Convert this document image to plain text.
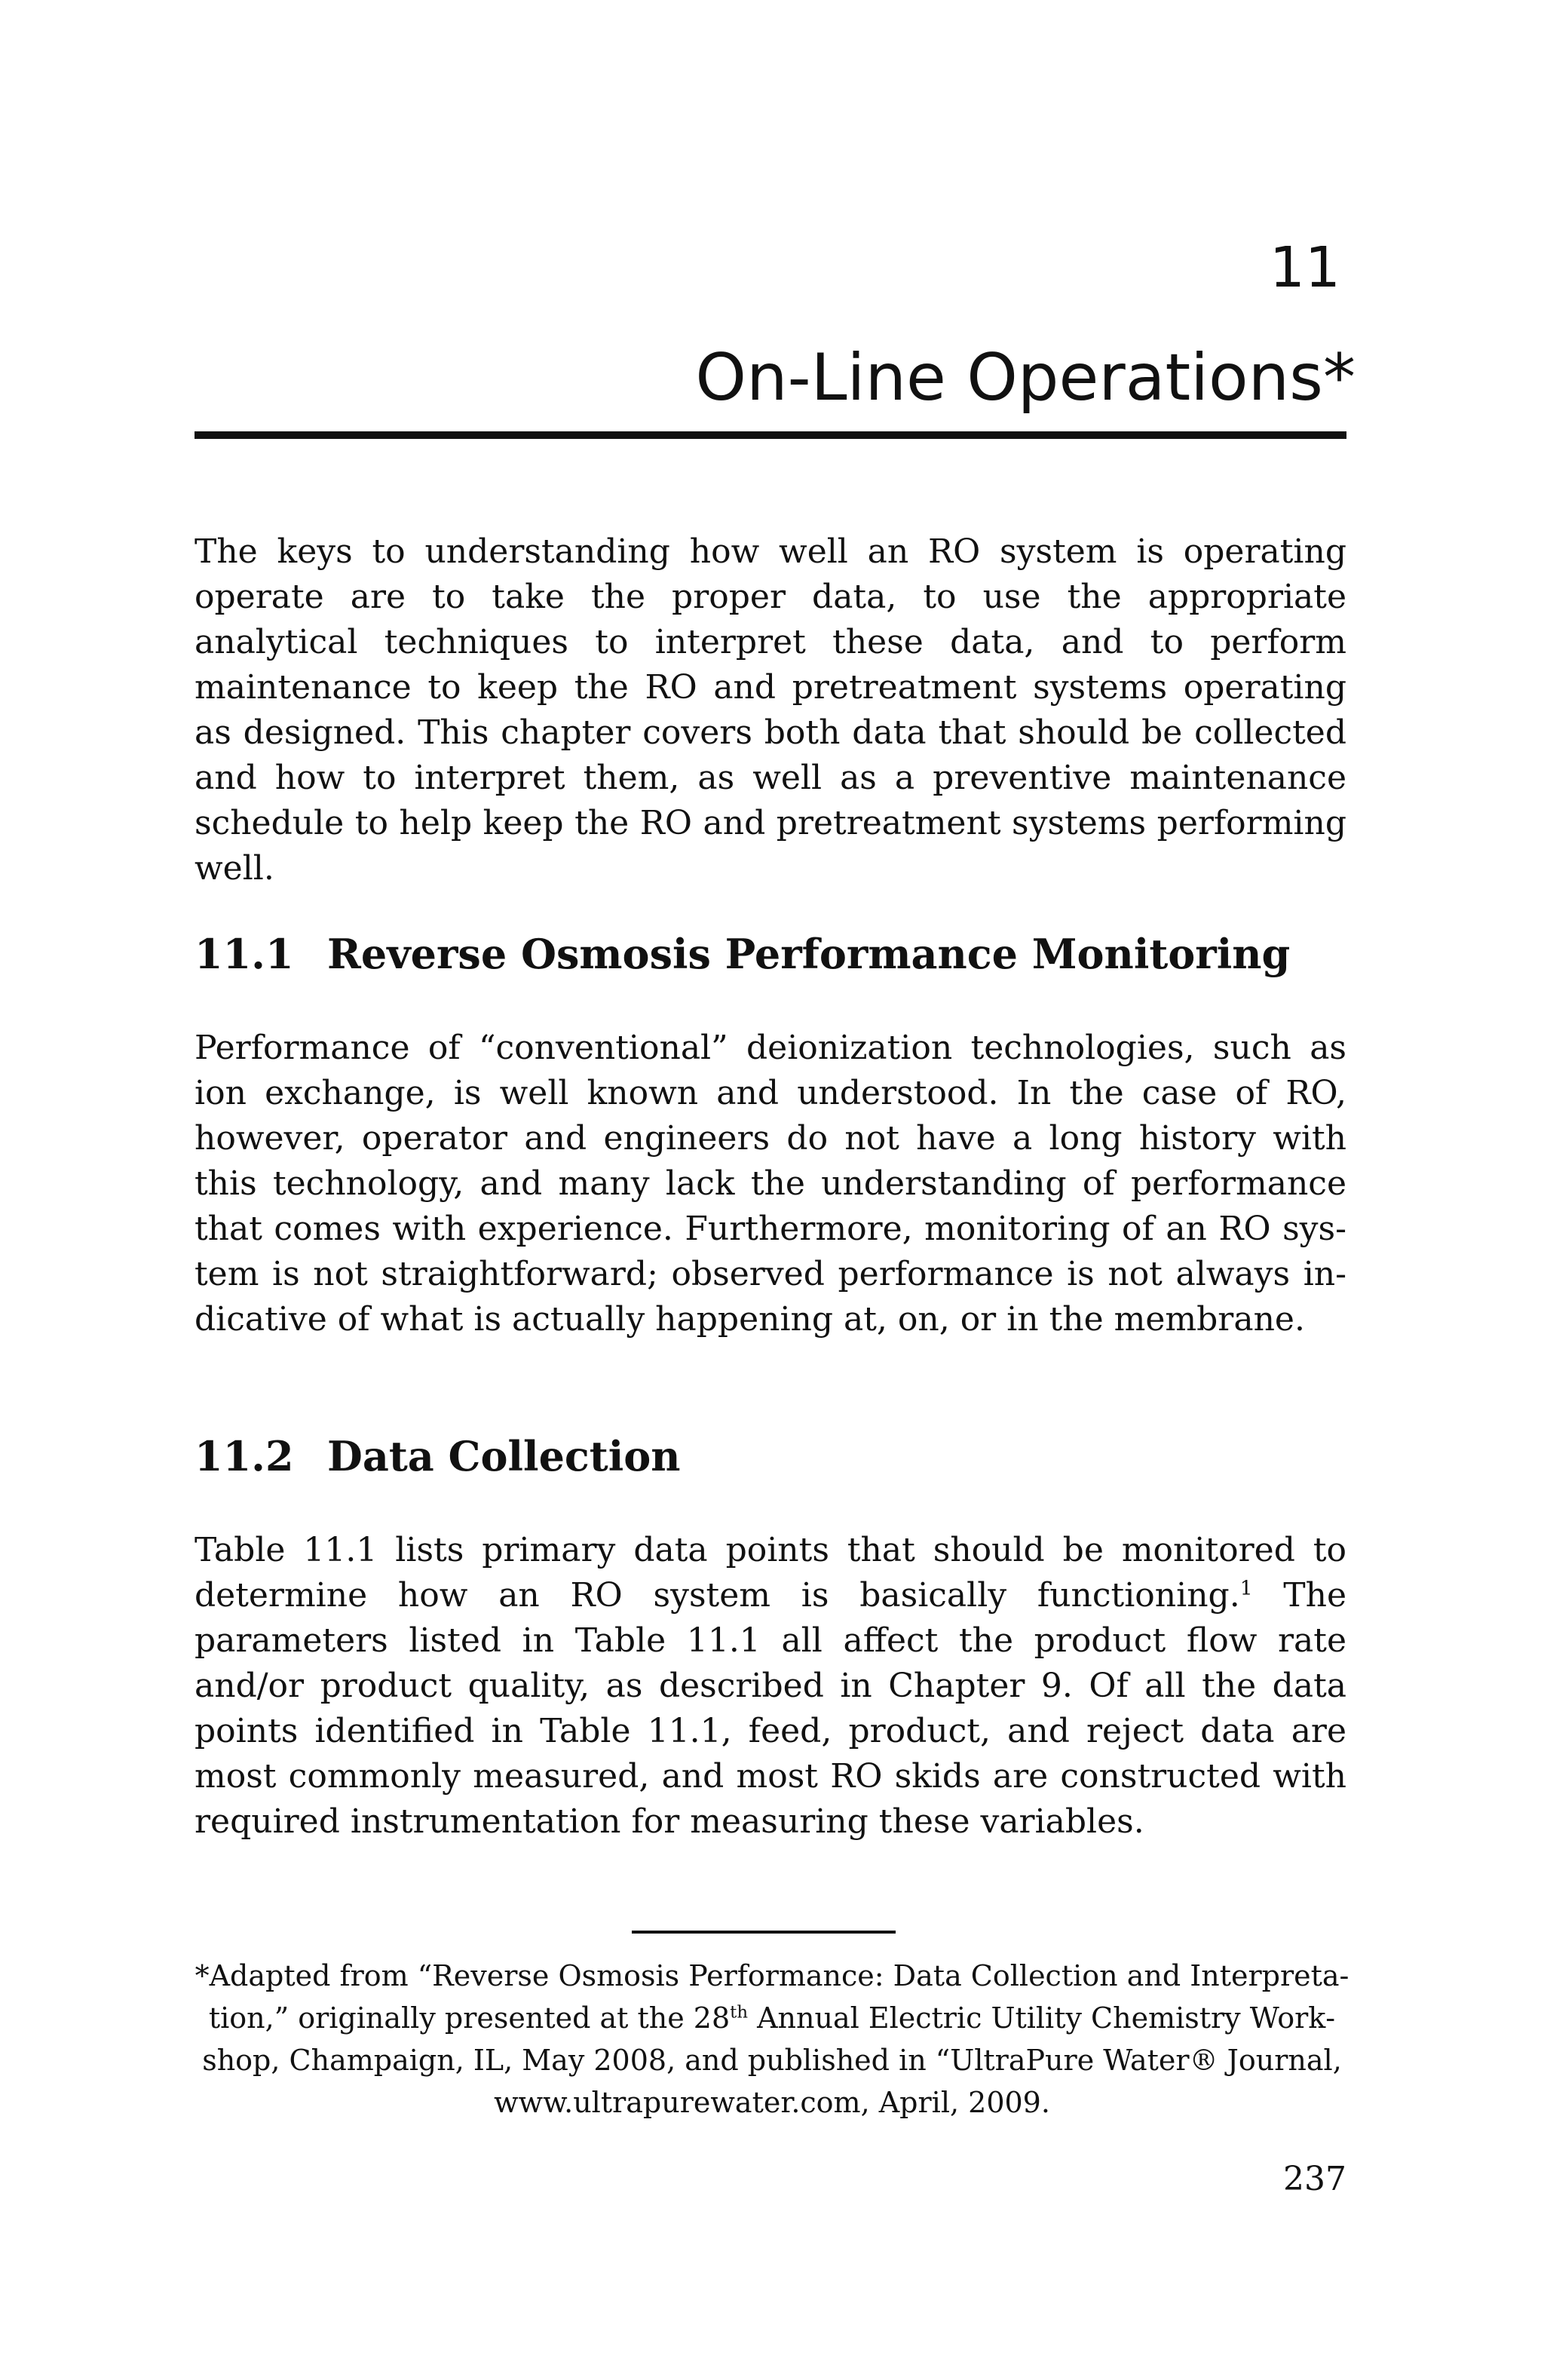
11
On-Line Operations*

The keys to understanding how well an RO system is operating operate are to take the proper data, to use the appropriate analytical techniques to interpret these data, and to perform maintenance to keep the RO and pretreatment systems operating as designed. This chapter covers both data that should be collected and how to interpret them, as well as a preventive maintenance schedule to help keep the RO and pretreatment systems performing well.

11.1 Reverse Osmosis Performance Monitoring

Performance of “conventional” deionization technologies, such as ion exchange, is well known and understood. In the case of RO, however, operator and engineers do not have a long history with this technology, and many lack the understanding of performance that comes with experience. Furthermore, monitoring of an RO system is not straightforward; observed performance is not always indicative of what is actually happening at, on, or in the membrane.

11.2 Data Collection

Table 11.1 lists primary data points that should be monitored to determine how an RO system is basically functioning.$^1$ The parameters listed in Table 11.1 all affect the product flow rate and/or product quality, as described in Chapter 9. Of all the data points identified in Table 11.1, feed, product, and reject data are most commonly measured, and most RO skids are constructed with required instrumentation for measuring these variables.

*Adapted from “Reverse Osmosis Performance: Data Collection and Interpretation,” originally presented at the 28th Annual Electric Utility Chemistry Workshop, Champaign, IL, May 2008, and published in “UltraPure Water® Journal, www.ultrapurewater.com, April, 2009.

237
